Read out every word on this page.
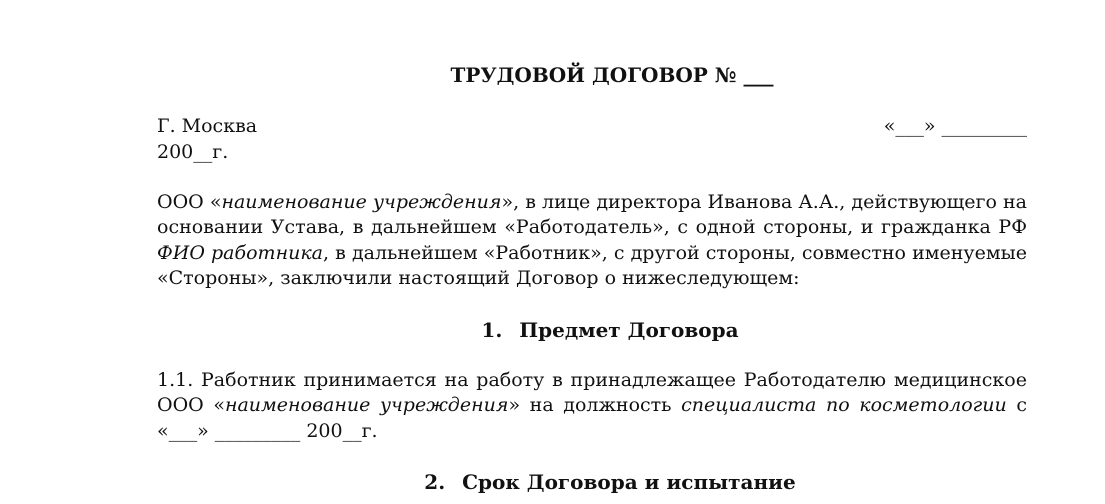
ТРУДОВОЙ ДОГОВОР № ___
Г. Москва	«___» _________
200__г.
ООО «наименование учреждения», в лице директора Иванова А.А., действующего на основании Устава, в дальнейшем «Работодатель», с одной стороны, и гражданка РФ ФИО работника, в дальнейшем «Работник», с другой стороны, совместно именуемые «Стороны», заключили настоящий Договор о нижеследующем:
1. Предмет Договора
1.1. Работник принимается на работу в принадлежащее Работодателю медицинское ООО «наименование учреждения» на должность специалиста по косметологии с «___» _________ 200__г.
2. Срок Договора и испытание
